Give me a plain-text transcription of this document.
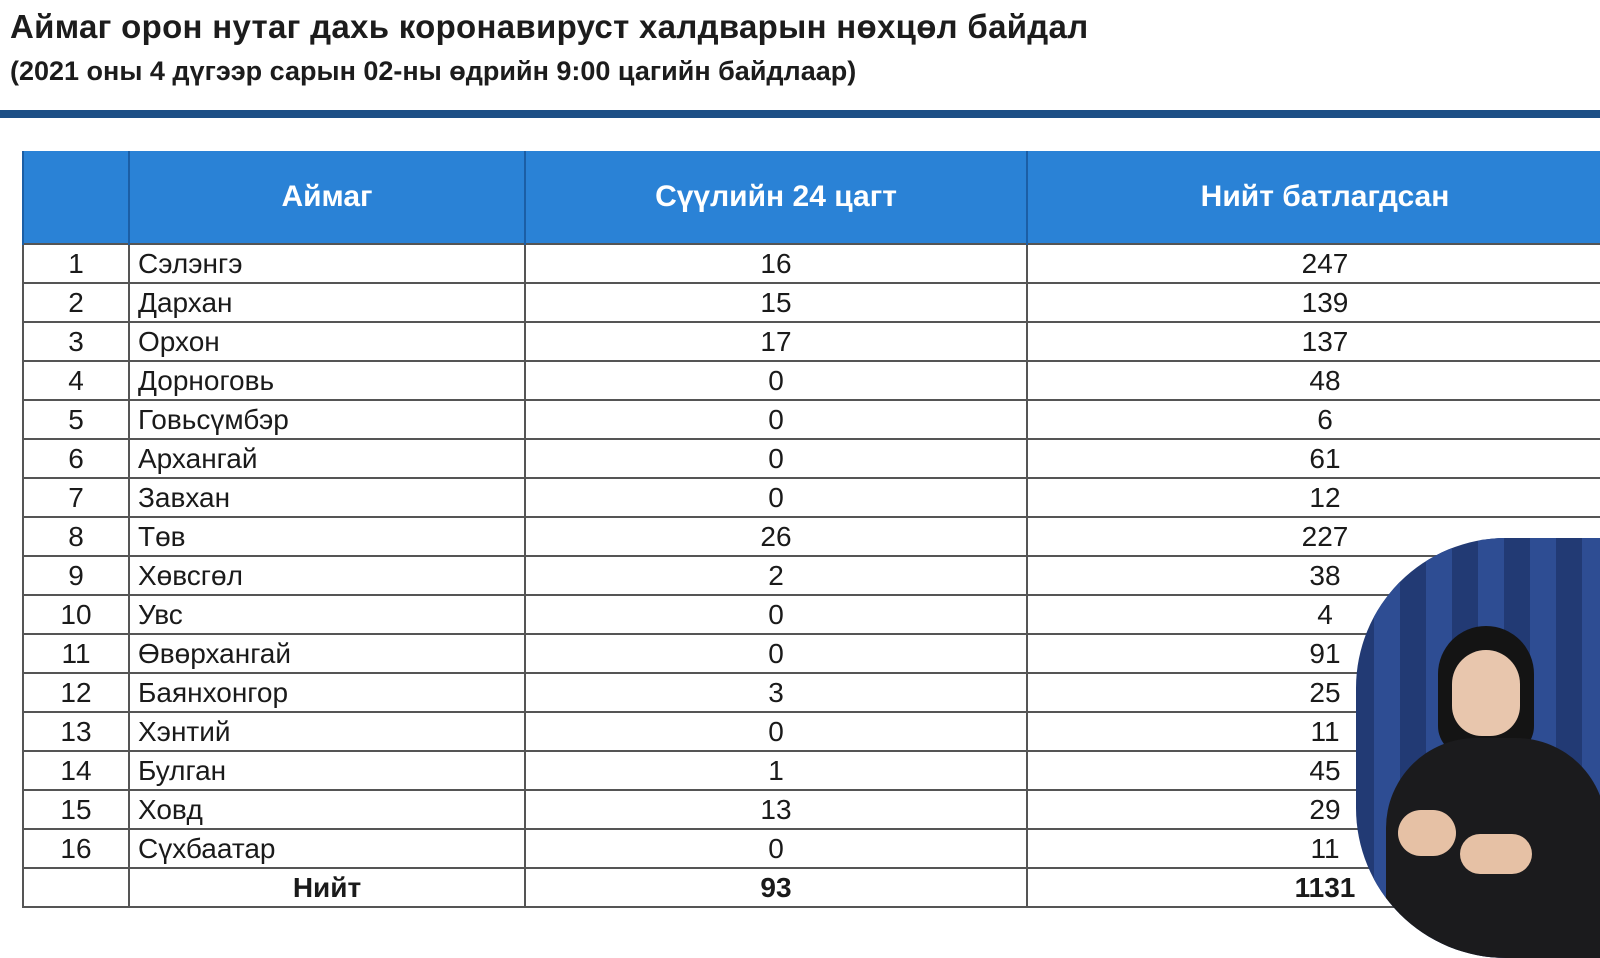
Аймаг орон нутаг дахь коронавируст халдварын нөхцөл байдал
(2021 оны 4 дүгээр сарын 02-ны өдрийн 9:00 цагийн байдлаар)
	Аймаг	Сүүлийн 24 цагт	Нийт батлагдсан
1	Сэлэнгэ	16	247
2	Дархан	15	139
3	Орхон	17	137
4	Дорноговь	0	48
5	Говьсүмбэр	0	6
6	Архангай	0	61
7	Завхан	0	12
8	Төв	26	227
9	Хөвсгөл	2	38
10	Увс	0	4
11	Өвөрхангай	0	91
12	Баянхонгор	3	25
13	Хэнтий	0	11
14	Булган	1	45
15	Ховд	13	29
16	Сүхбаатар	0	11
	Нийт	93	1131
